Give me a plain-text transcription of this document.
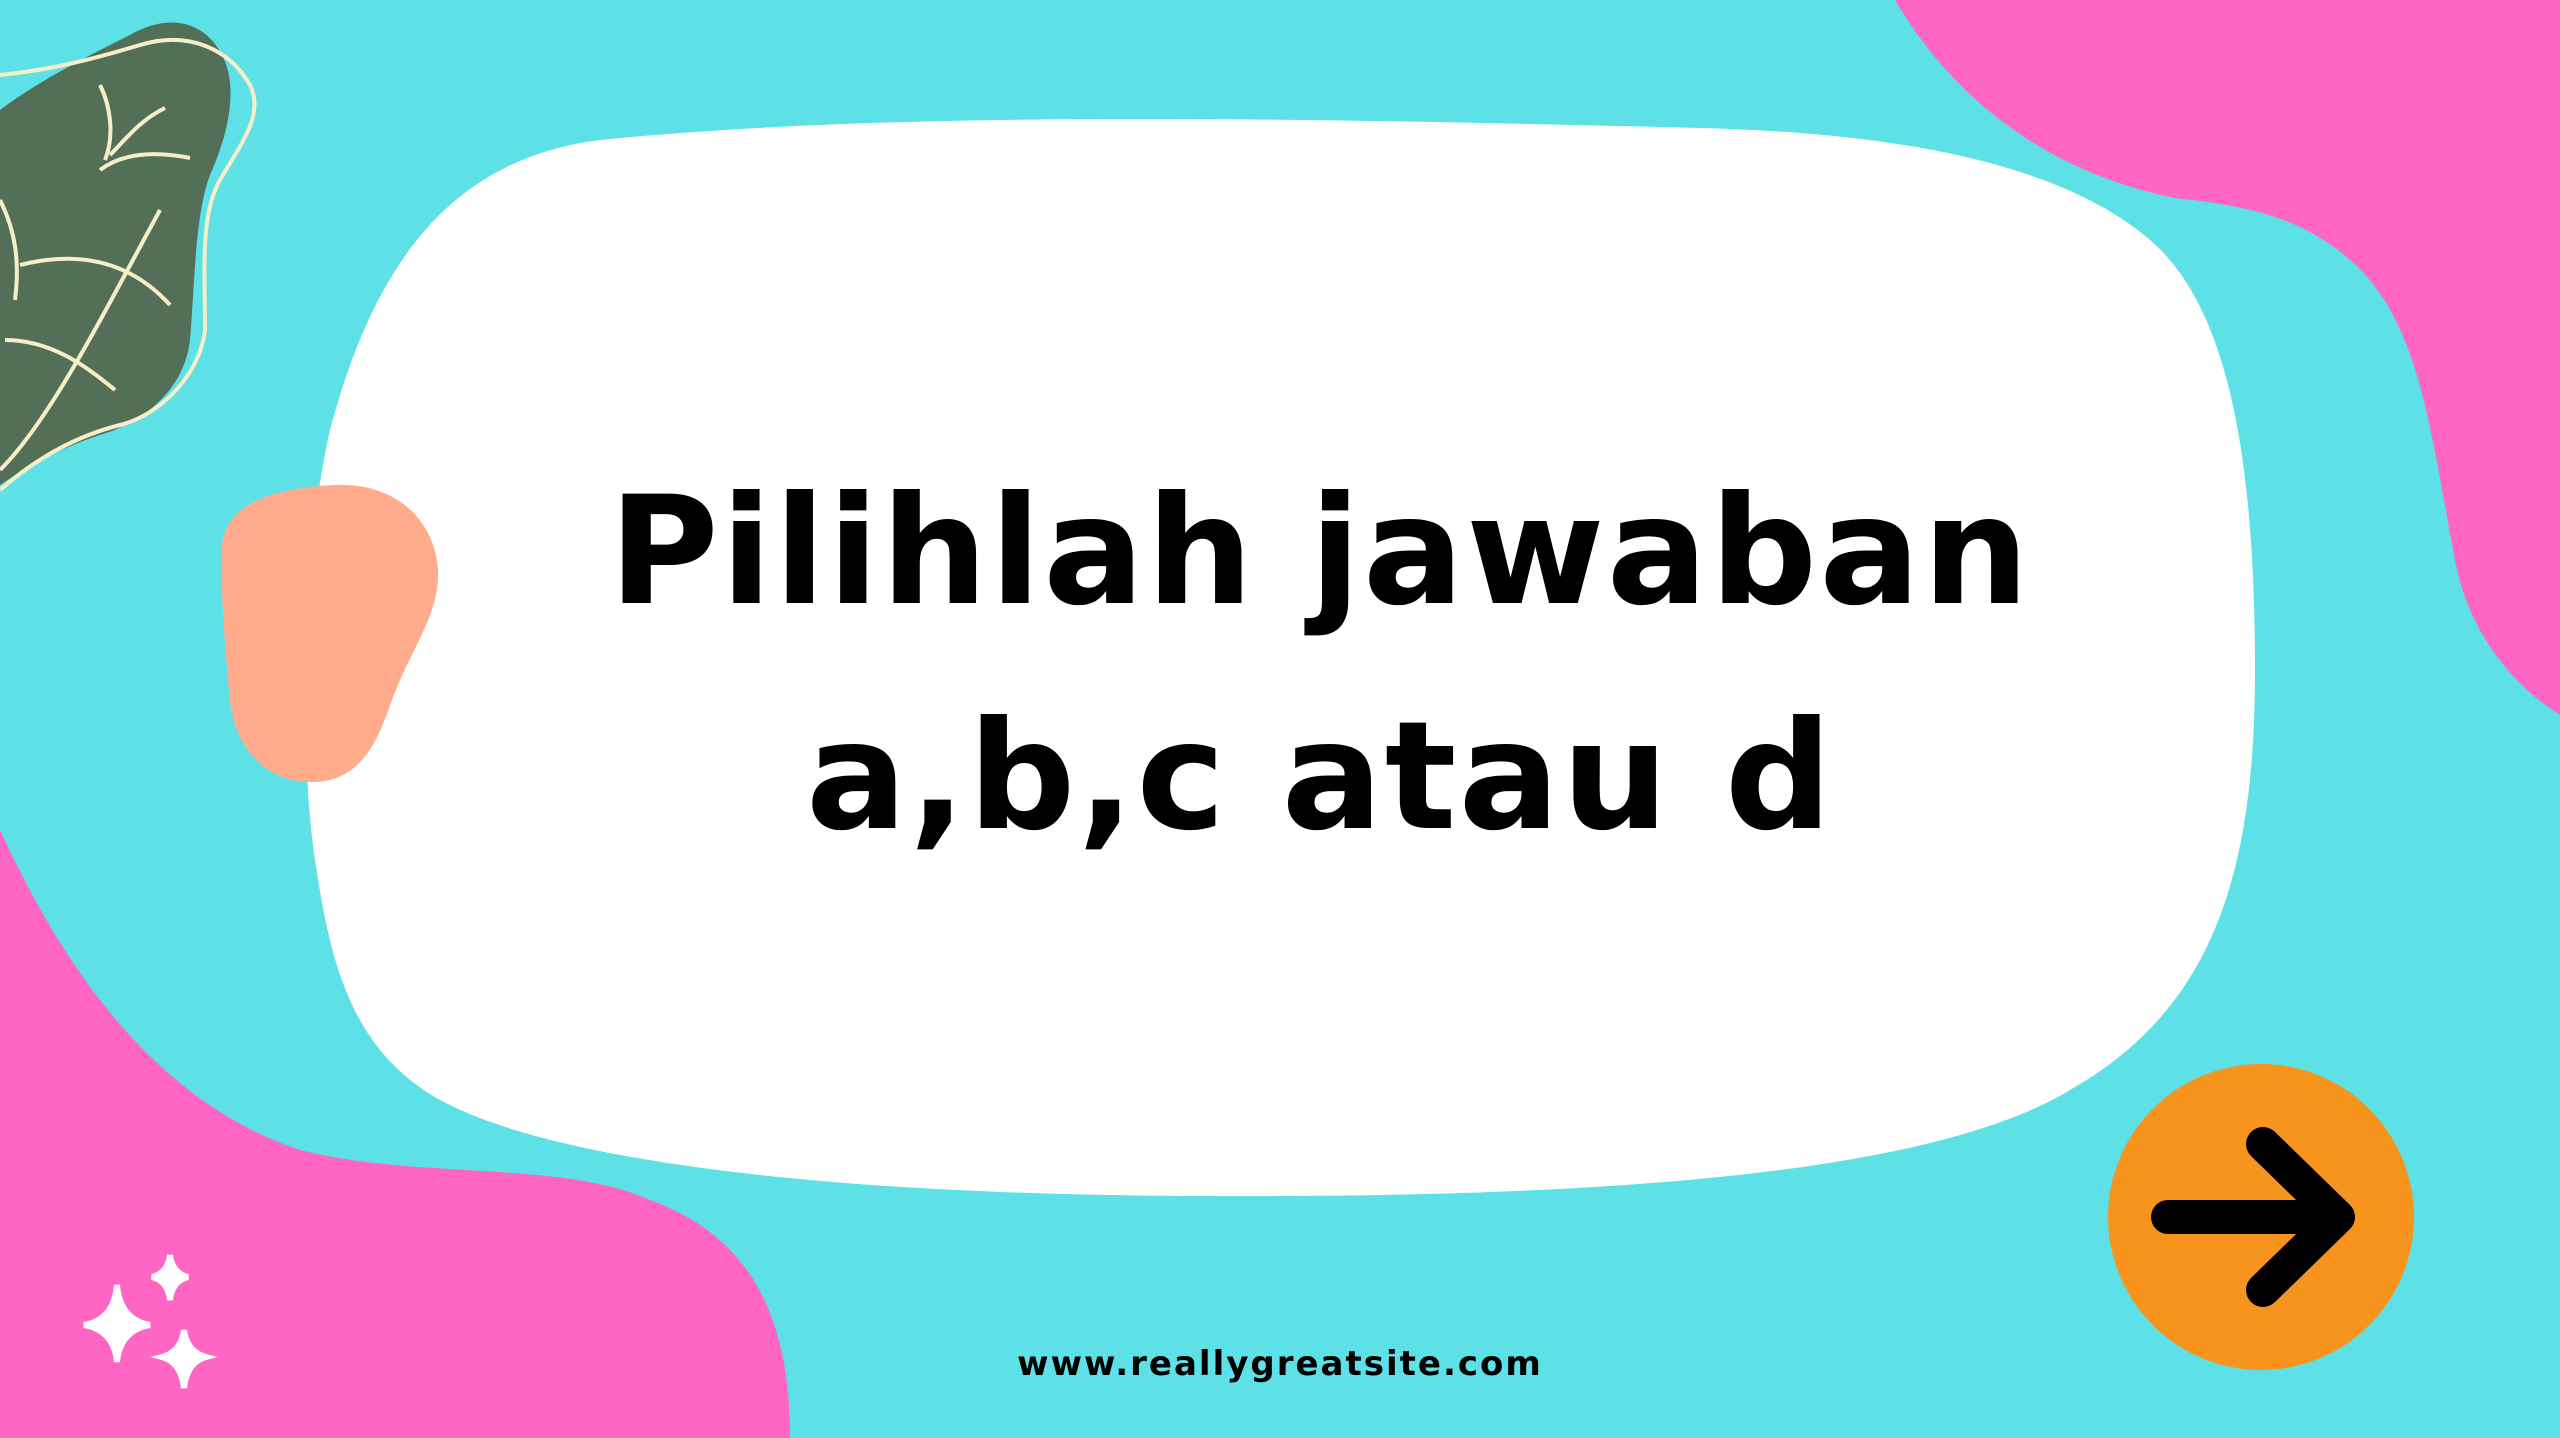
Pilihlah jawaban
a,b,c atau d
www.reallygreatsite.com
